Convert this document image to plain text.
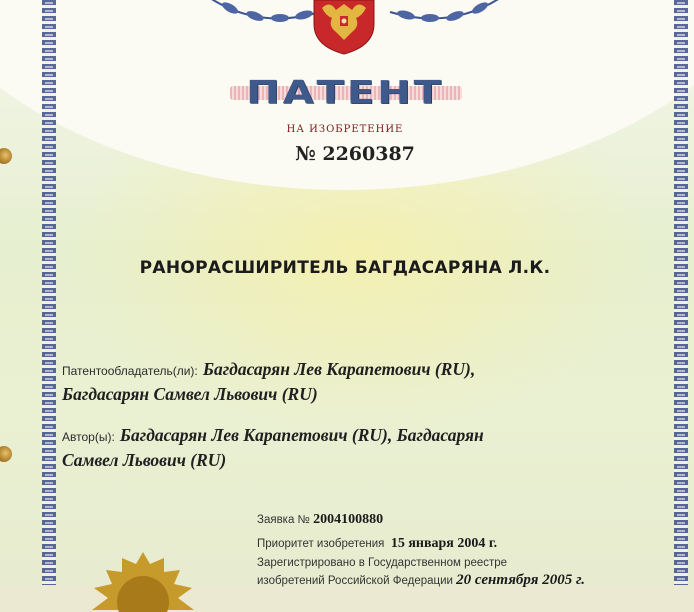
ПАТЕНТ
НА ИЗОБРЕТЕНИЕ
№ 2260387
РАНОРАСШИРИТЕЛЬ БАГДАСАРЯНА Л.К.
Патентообладатель(ли): Багдасарян Лев Карапетович (RU),
Багдасарян Самвел Львович (RU)
Автор(ы): Багдасарян Лев Карапетович (RU), Багдасарян
Самвел Львович (RU)
Заявка № 2004100880
Приоритет изобретения 15 января 2004 г.
Зарегистрировано в Государственном реестре
изобретений Российской Федерации 20 сентября 2005 г.
